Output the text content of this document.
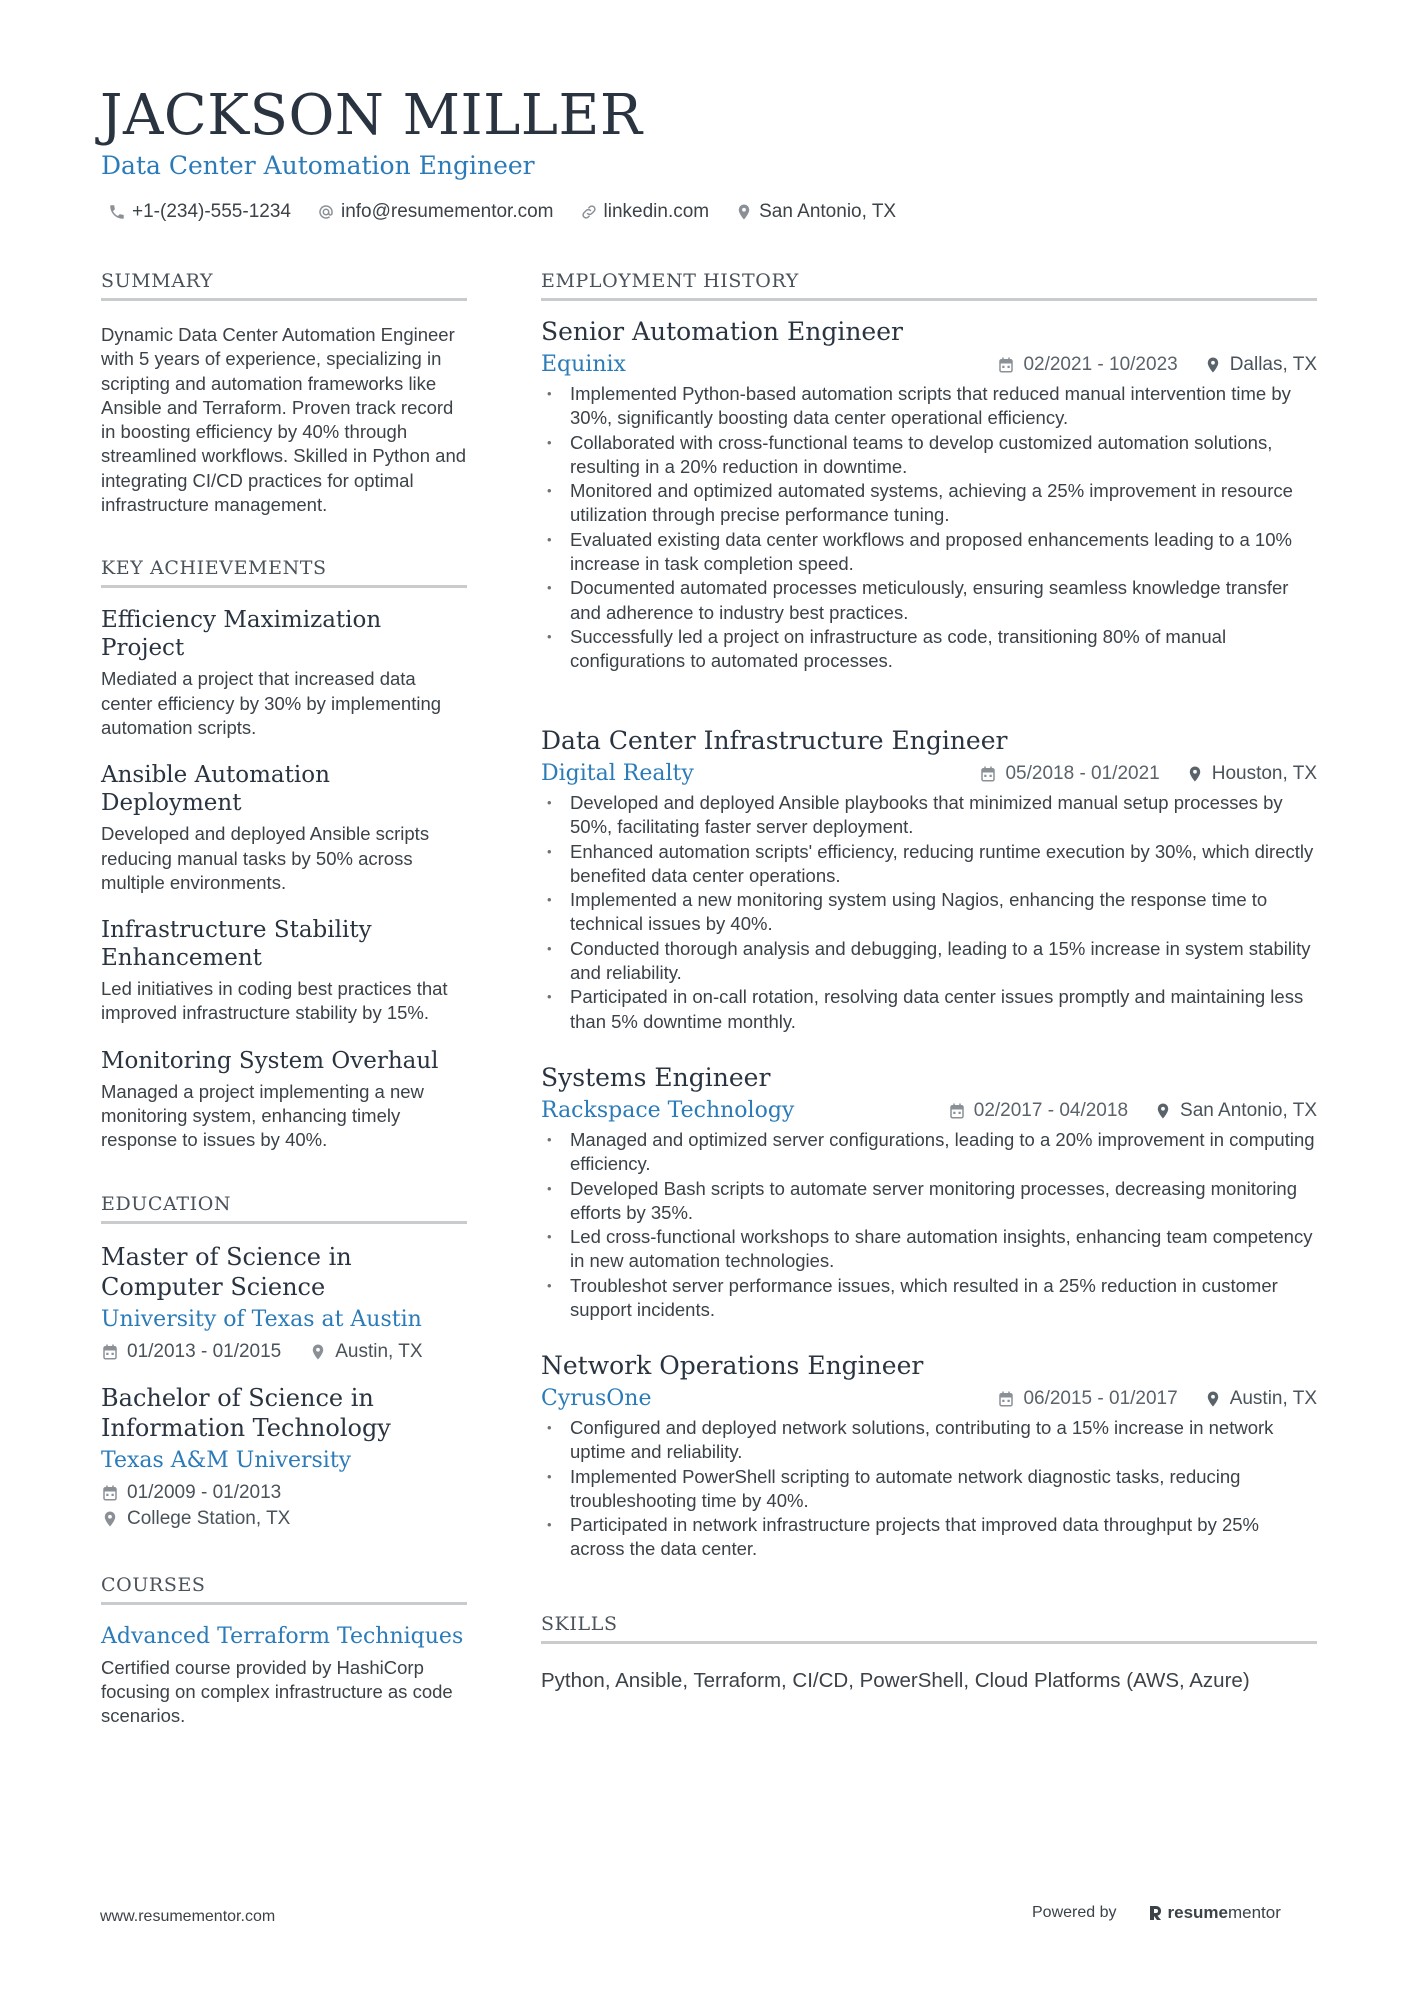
JACKSON MILLER
Data Center Automation Engineer
+1-(234)-555-1234	info@resumementor.com	linkedin.com	San Antonio, TX
SUMMARY

Dynamic Data Center Automation Engineer with 5 years of experience, specializing in scripting and automation frameworks like Ansible and Terraform. Proven track record in boosting efficiency by 40% through streamlined workflows. Skilled in Python and integrating CI/CD practices for optimal infrastructure management.

KEY ACHIEVEMENTS
Efficiency Maximization Project

Mediated a project that increased data center efficiency by 30% by implementing automation scripts.

Ansible Automation Deployment

Developed and deployed Ansible scripts reducing manual tasks by 50% across multiple environments.

Infrastructure Stability Enhancement

Led initiatives in coding best practices that improved infrastructure stability by 15%.

Monitoring System Overhaul

Managed a project implementing a new monitoring system, enhancing timely response to issues by 40%.

EDUCATION
Master of Science in Computer Science
University of Texas at Austin
01/2013 - 01/2015	Austin, TX
Bachelor of Science in Information Technology
Texas A&M University
01/2009 - 01/2013
College Station, TX
COURSES
Advanced Terraform Techniques

Certified course provided by HashiCorp focusing on complex infrastructure as code scenarios.

EMPLOYMENT HISTORY
Senior Automation Engineer
Equinix	02/2021 - 10/2023	Dallas, TX
• Implemented Python-based automation scripts that reduced manual intervention time by 30%, significantly boosting data center operational efficiency.
• Collaborated with cross-functional teams to develop customized automation solutions, resulting in a 20% reduction in downtime.
• Monitored and optimized automated systems, achieving a 25% improvement in resource utilization through precise performance tuning.
• Evaluated existing data center workflows and proposed enhancements leading to a 10% increase in task completion speed.
• Documented automated processes meticulously, ensuring seamless knowledge transfer and adherence to industry best practices.
• Successfully led a project on infrastructure as code, transitioning 80% of manual configurations to automated processes.
Data Center Infrastructure Engineer
Digital Realty	05/2018 - 01/2021	Houston, TX
• Developed and deployed Ansible playbooks that minimized manual setup processes by 50%, facilitating faster server deployment.
• Enhanced automation scripts' efficiency, reducing runtime execution by 30%, which directly benefited data center operations.
• Implemented a new monitoring system using Nagios, enhancing the response time to technical issues by 40%.
• Conducted thorough analysis and debugging, leading to a 15% increase in system stability and reliability.
• Participated in on-call rotation, resolving data center issues promptly and maintaining less than 5% downtime monthly.
Systems Engineer
Rackspace Technology	02/2017 - 04/2018	San Antonio, TX
• Managed and optimized server configurations, leading to a 20% improvement in computing efficiency.
• Developed Bash scripts to automate server monitoring processes, decreasing monitoring efforts by 35%.
• Led cross-functional workshops to share automation insights, enhancing team competency in new automation technologies.
• Troubleshot server performance issues, which resulted in a 25% reduction in customer support incidents.
Network Operations Engineer
CyrusOne	06/2015 - 01/2017	Austin, TX
• Configured and deployed network solutions, contributing to a 15% increase in network uptime and reliability.
• Implemented PowerShell scripting to automate network diagnostic tasks, reducing troubleshooting time by 40%.
• Participated in network infrastructure projects that improved data throughput by 25% across the data center.
SKILLS

Python, Ansible, Terraform, CI/CD, PowerShell, Cloud Platforms (AWS, Azure)

www.resumementor.com	Powered by	resume mentor
